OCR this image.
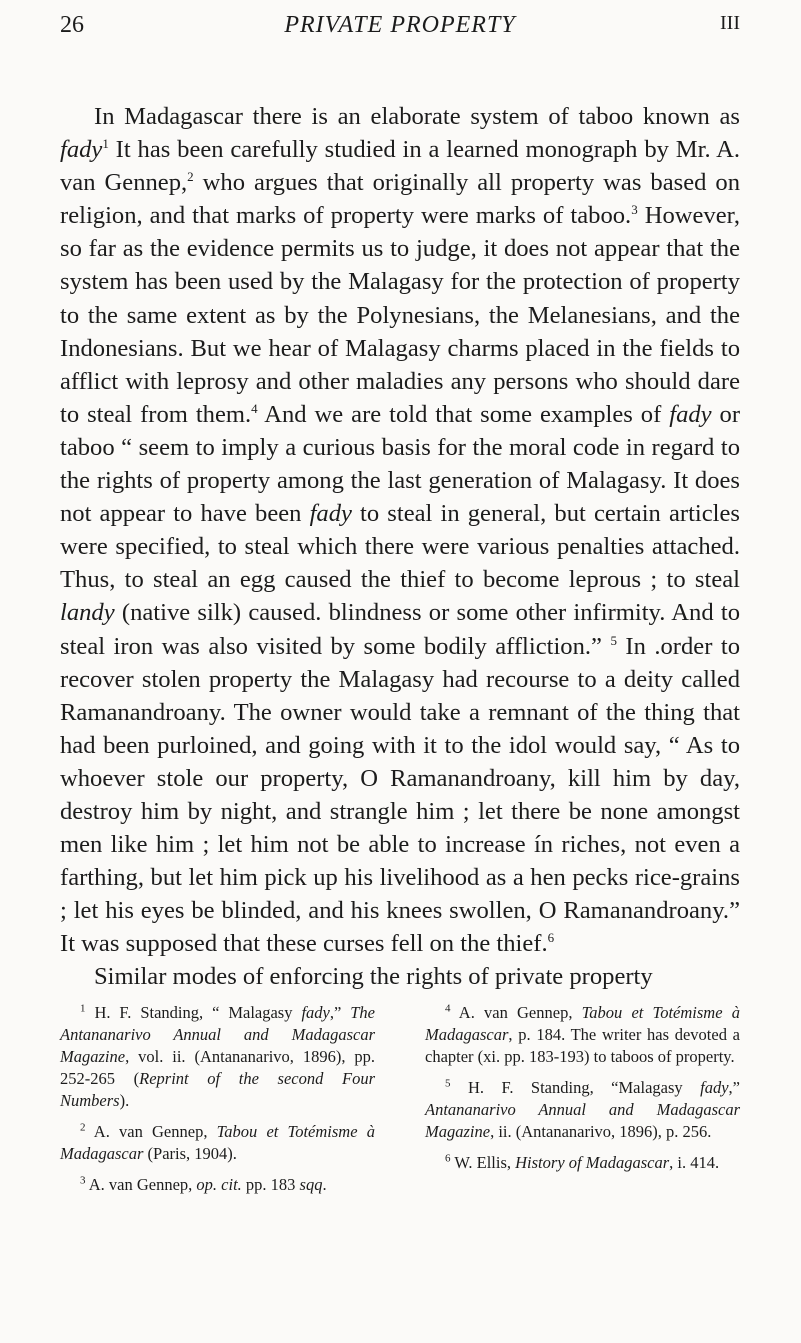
26	PRIVATE PROPERTY	III

In Madagascar there is an elaborate system of taboo known as fady$^1$ It has been carefully studied in a learned monograph by Mr. A. van Gennep,$^2$ who argues that originally all property was based on religion, and that marks of property were marks of taboo.$^3$ However, so far as the evidence permits us to judge, it does not appear that the system has been used by the Malagasy for the protection of property to the same extent as by the Polynesians, the Melanesians, and the Indonesians. But we hear of Malagasy charms placed in the fields to afflict with leprosy and other maladies any persons who should dare to steal from them.$^4$ And we are told that some examples of fady or taboo “ seem to imply a curious basis for the moral code in regard to the rights of property among the last generation of Malagasy. It does not appear to have been fady to steal in general, but certain articles were specified, to steal which there were various penalties attached. Thus, to steal an egg caused the thief to become leprous ; to steal landy (native silk) caused. blindness or some other infirmity. And to steal iron was also visited by some bodily affliction.” $^5$ In .order to recover stolen property the Malagasy had recourse to a deity called Ramanandroany. The owner would take a remnant of the thing that had been purloined, and going with it to the idol would say, “ As to whoever stole our property, O Ramanandroany, kill him by day, destroy him by night, and strangle him ; let there be none amongst men like him ; let him not be able to increase ín riches, not even a farthing, but let him pick up his livelihood as a hen pecks rice-grains ; let his eyes be blinded, and his knees swollen, O Ramanandroany.” It was supposed that these curses fell on the thief.$^6$

Similar modes of enforcing the rights of private property

$^1$ H. F. Standing, “ Malagasy fady,” The Antananarivo Annual and Madagascar Magazine, vol. ii. (Antananarivo, 1896), pp. 252-265 (Reprint of the second Four Numbers).

$^2$ A. van Gennep, Tabou et Totémisme à Madagascar (Paris, 1904).

$^3$ A. van Gennep, op. cit. pp. 183 sqq.

$^4$ A. van Gennep, Tabou et Totémisme à Madagascar, p. 184. The writer has devoted a chapter (xi. pp. 183-193) to taboos of property.

$^5$ H. F. Standing, “Malagasy fady,” Antananarivo Annual and Madagascar Magazine, ii. (Antananarivo, 1896), p. 256.

$^6$ W. Ellis, History of Madagascar, i. 414.
